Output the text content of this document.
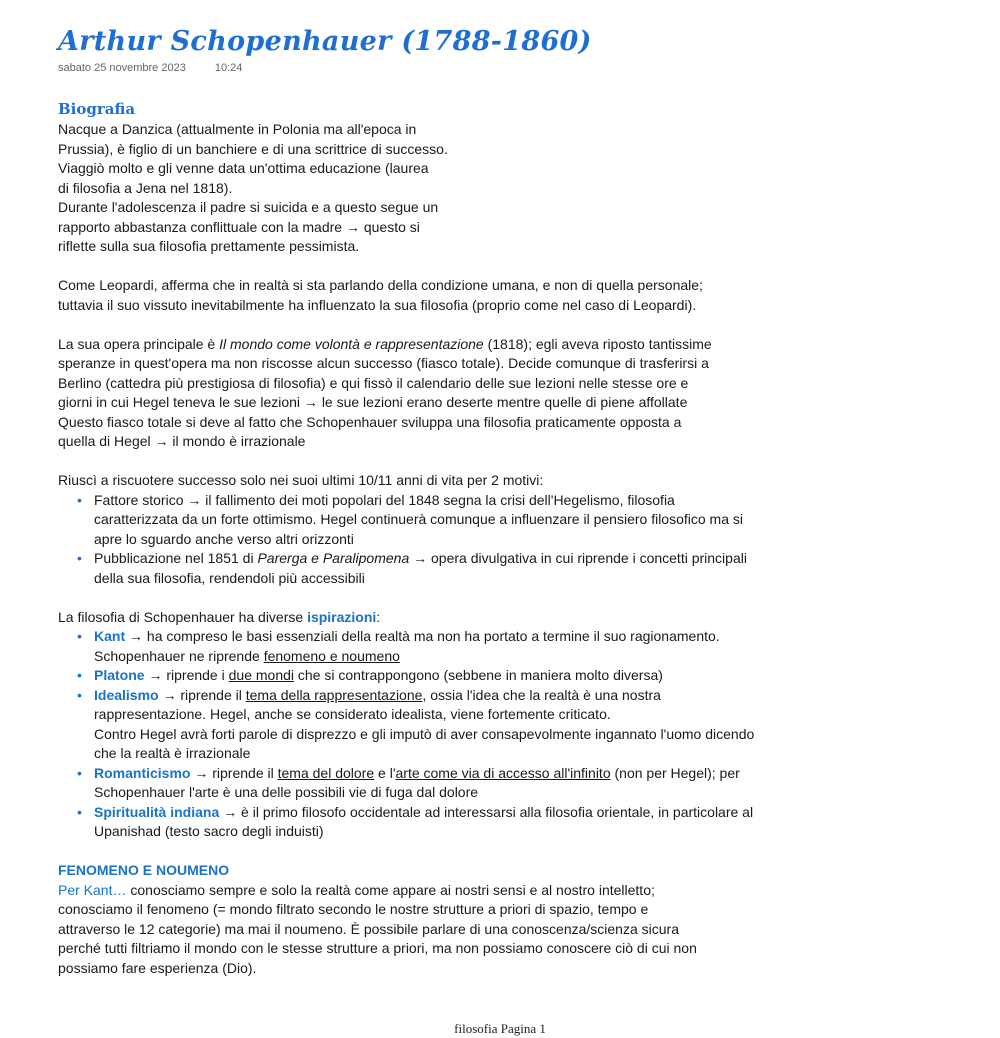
Arthur Schopenhauer (1788-1860)
sabato 25 novembre 2023	10:24
Biografia
Nacque a Danzica (attualmente in Polonia ma all'epoca in
Prussia), è figlio di un banchiere e di una scrittrice di successo.
Viaggiò molto e gli venne data un'ottima educazione (laurea
di filosofia a Jena nel 1818).
Durante l'adolescenza il padre si suicida e a questo segue un
rapporto abbastanza conflittuale con la madre → questo si
riflette sulla sua filosofia prettamente pessimista.
Come Leopardi, afferma che in realtà si sta parlando della condizione umana, e non di quella personale;
tuttavia il suo vissuto inevitabilmente ha influenzato la sua filosofia (proprio come nel caso di Leopardi).
La sua opera principale è Il mondo come volontà e rappresentazione (1818); egli aveva riposto tantissime
speranze in quest'opera ma non riscosse alcun successo (fiasco totale). Decide comunque di trasferirsi a
Berlino (cattedra più prestigiosa di filosofia) e qui fissò il calendario delle sue lezioni nelle stesse ore e
giorni in cui Hegel teneva le sue lezioni → le sue lezioni erano deserte mentre quelle di piene affollate
Questo fiasco totale si deve al fatto che Schopenhauer sviluppa una filosofia praticamente opposta a
quella di Hegel → il mondo è irrazionale
Riuscì a riscuotere successo solo nei suoi ultimi 10/11 anni di vita per 2 motivi:
• Fattore storico → il fallimento dei moti popolari del 1848 segna la crisi dell'Hegelismo, filosofia caratterizzata da un forte ottimismo. Hegel continuerà comunque a influenzare il pensiero filosofico ma si apre lo sguardo anche verso altri orizzonti
• Pubblicazione nel 1851 di Parerga e Paralipomena → opera divulgativa in cui riprende i concetti principali della sua filosofia, rendendoli più accessibili
La filosofia di Schopenhauer ha diverse ispirazioni:
• Kant → ha compreso le basi essenziali della realtà ma non ha portato a termine il suo ragionamento. Schopenhauer ne riprende fenomeno e noumeno
• Platone → riprende i due mondi che si contrappongono (sebbene in maniera molto diversa)
• Idealismo → riprende il tema della rappresentazione, ossia l'idea che la realtà è una nostra rappresentazione. Hegel, anche se considerato idealista, viene fortemente criticato.
Contro Hegel avrà forti parole di disprezzo e gli imputò di aver consapevolmente ingannato l'uomo dicendo che la realtà è irrazionale
• Romanticismo → riprende il tema del dolore e l'arte come via di accesso all'infinito (non per Hegel); per Schopenhauer l'arte è una delle possibili vie di fuga dal dolore
• Spiritualità indiana → è il primo filosofo occidentale ad interessarsi alla filosofia orientale, in particolare al Upanishad (testo sacro degli induisti)
FENOMENO E NOUMENO
Per Kant… conosciamo sempre e solo la realtà come appare ai nostri sensi e al nostro intelletto;
conosciamo il fenomeno (= mondo filtrato secondo le nostre strutture a priori di spazio, tempo e
attraverso le 12 categorie) ma mai il noumeno. È possibile parlare di una conoscenza/scienza sicura
perché tutti filtriamo il mondo con le stesse strutture a priori, ma non possiamo conoscere ciò di cui non
possiamo fare esperienza (Dio).
filosofia Pagina 1
